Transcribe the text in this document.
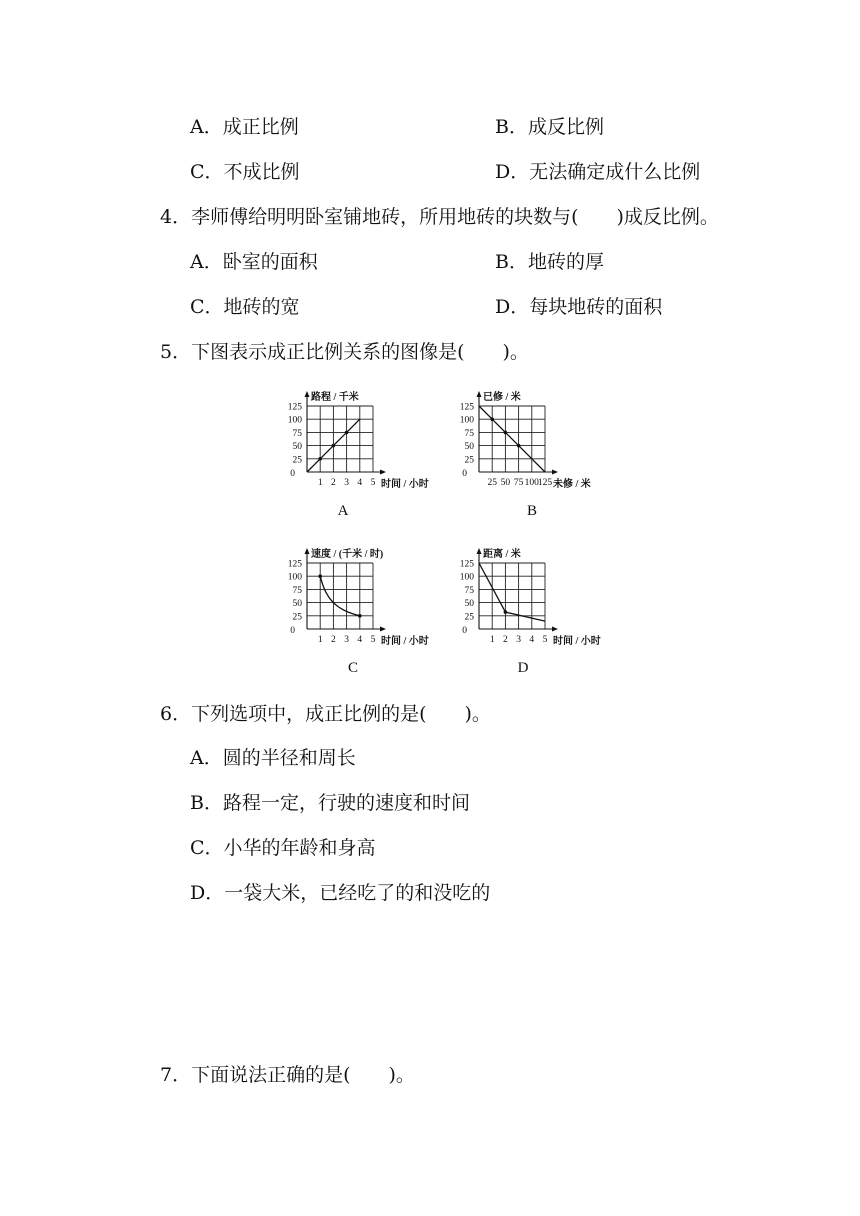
A．成正比例	B．成反比例
C．不成比例	D．无法确定成什么比例
4．李师傅给明明卧室铺地砖，所用地砖的块数与(　　)成反比例。
A．卧室的面积	B．地砖的厚
C．地砖的宽	D．每块地砖的面积
5．下图表示成正比例关系的图像是(　　)。
125
100
75
50
25
0
1 2 3 4 5
路程 / 千米
时间 / 小时
125
100
75
50
25
0
25 50 75 100
125
已修 / 米
未修 / 米
125
100
75
50
25
0
1 2 3 4 5
速度 / (千米 / 时)
时间 / 小时
125
100
75
50
25
0
1 2 3 4 5
距离 / 米
时间 / 小时
A	B
C	D
6．下列选项中，成正比例的是(　　)。
A．圆的半径和周长
B．路程一定，行驶的速度和时间
C．小华的年龄和身高
D．一袋大米，已经吃了的和没吃的
7．下面说法正确的是(　　)。
